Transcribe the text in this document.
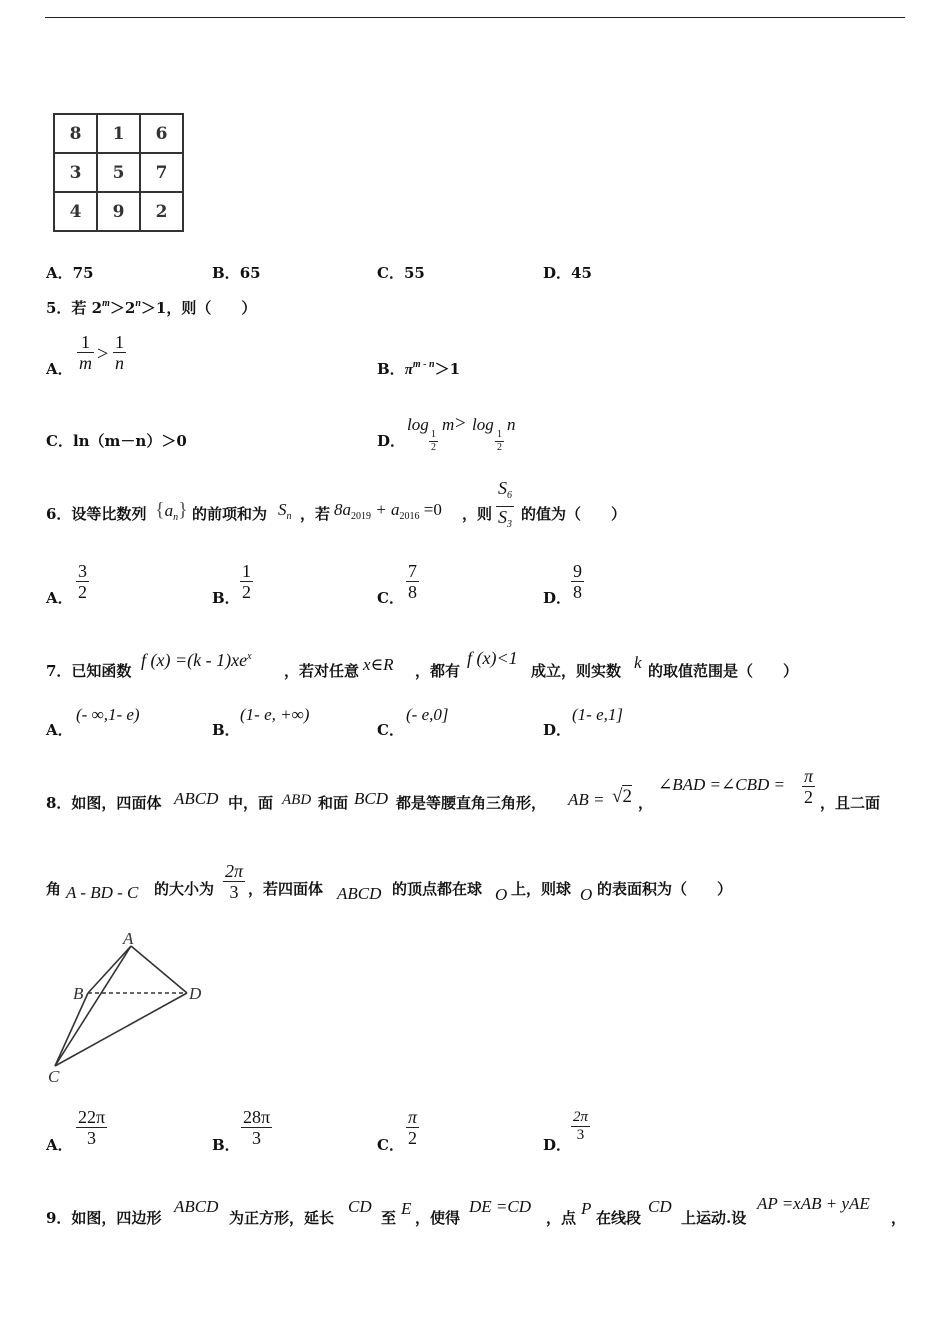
8	1	6
3	5	7
4	9	2
A．75	B．65	C．55	D．45
5．若 $2^m>2^n>1$，则（　　）
A．
1
m >
1
n	B．$\pi^{m - n}>1$
C．ln（m－n）＞0	D．
log
1
2
m > log
1
2
n
6．设等比数列 $\{a_n\}$ 的前项和为 $S_n$ ，若 $8a_{2019} + a_{2016} =0$ ，则
$S_6$
$S_3$
的值为（　　）
A．
3
2	B．
1
2	C．
7
8	D．
9
8
7．已知函数
f $(x) =(k - 1)xe^x$
，若对任意 x∈R ，都有
f (x)<1
成立，则实数 k 的取值范围是（　　）
A．
(- ∞,1- e)
B．
(1- e, +∞)
C．
(- e,0]
D．
(1- e,1]
8．如图，四面体 ABCD 中，面 ABD 和面 BCD 都是等腰直角三角形， AB = √2 ，
∠BAD =∠CBD = π
2 ，且二面
角 A - BD - C 的大小为
2π
3 ，若四面体 ABCD 的顶点都在球 O 上，则球 O 的表面积为（　　）
A
B
C
D
A．
22π
3	B．
28π
3	C．
π
2	D．
2π
3
9．如图，四边形
ABCD
为正方形，延长
CD
至 E ，使得
DE =CD
，点 P 在线段
CD
上运动.设
AP =xAB + yAE
，
